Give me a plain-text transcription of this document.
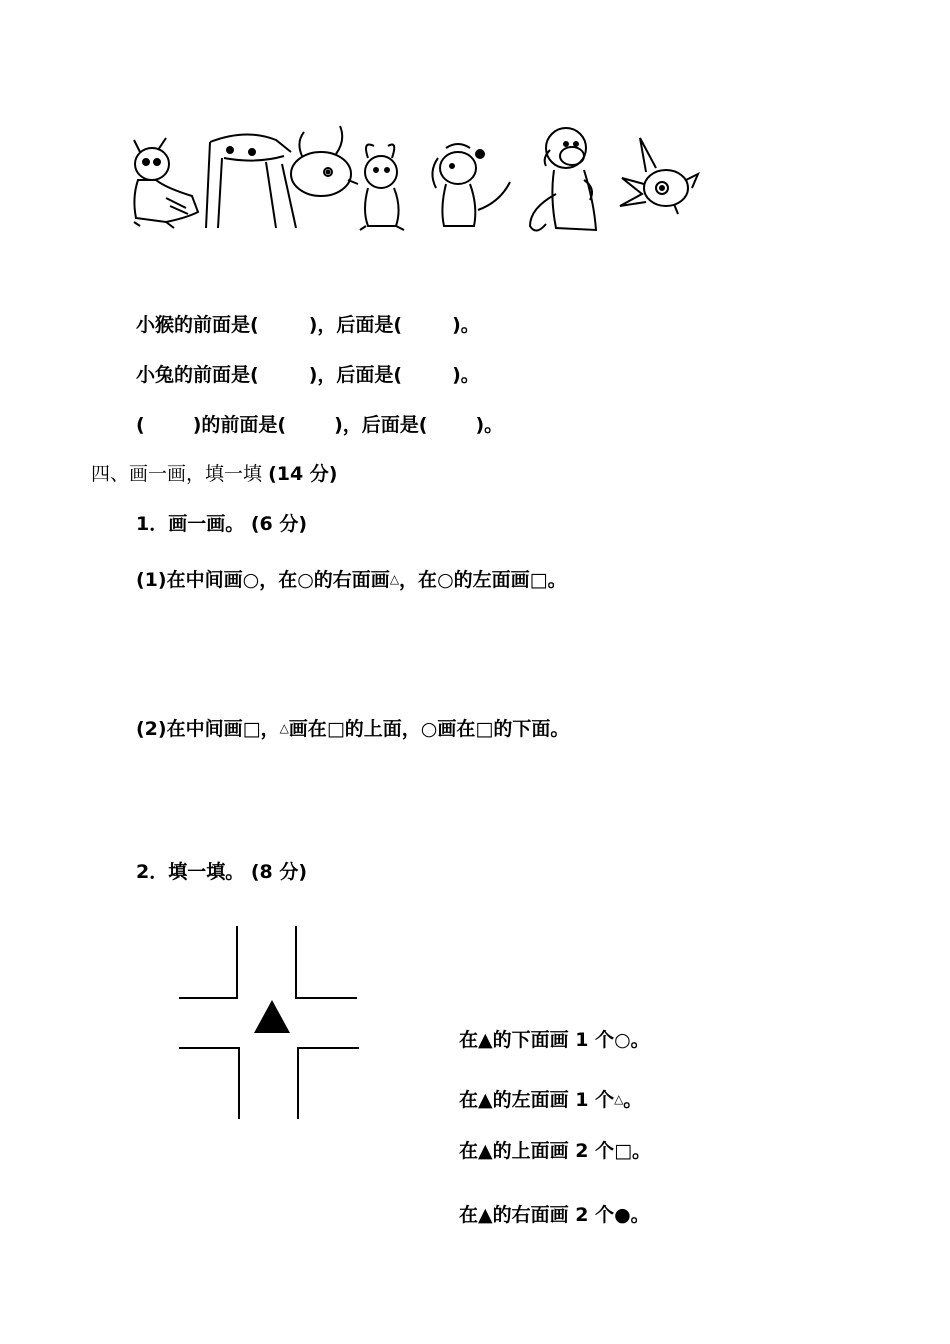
小猴的前面是(	)，后面是(	)。
小兔的前面是(	)，后面是(	)。
(	)的前面是(	)，后面是(	)。
四、画一画，填一填 (14 分)
1．画一画。 (6 分)
(1)在中间画○，在○的右面画△，在○的左面画□。
(2)在中间画□，△画在□的上面，○画在□的下面。
2．填一填。 (8 分)
在▲的下面画 1 个○。
在▲的左面画 1 个△。
在▲的上面画 2 个□。
在▲的右面画 2 个●。
